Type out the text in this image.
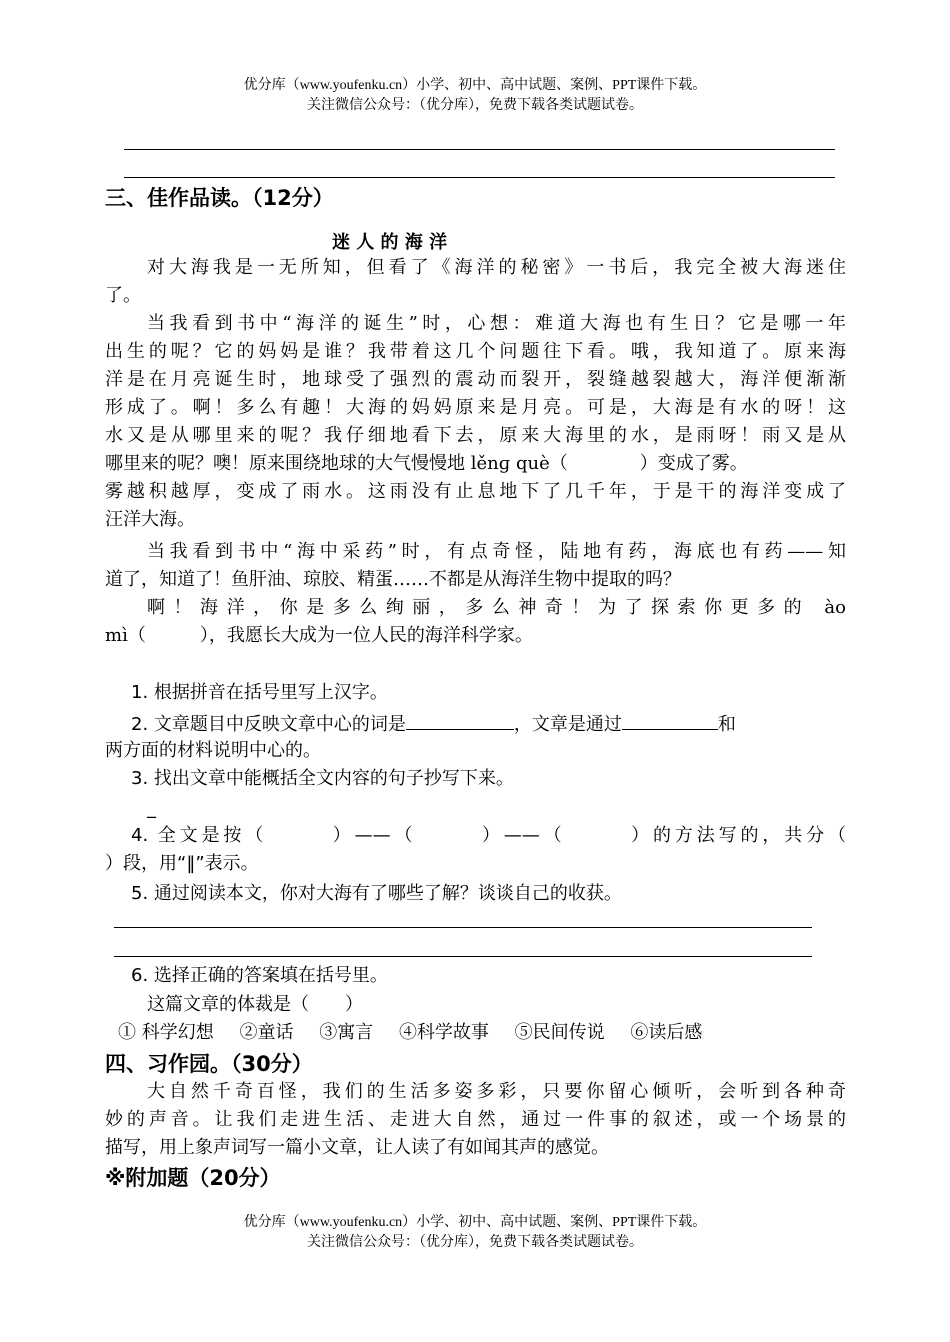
优分库（www.youfenku.cn）小学、初中、高中试题、案例、PPT课件下载。
关注微信公众号：（优分库），免费下载各类试题试卷。
三、佳作品读。（12分）
迷 人 的 海 洋
对大海我是一无所知，但看了《海洋的秘密》一书后，我完全被大海迷住
了。
当我看到书中“海洋的诞生”时，心想：难道大海也有生日？它是哪一年
出生的呢？它的妈妈是谁？我带着这几个问题往下看。哦，我知道了。原来海
洋是在月亮诞生时，地球受了强烈的震动而裂开，裂缝越裂越大，海洋便渐渐
形成了。啊！多么有趣！大海的妈妈原来是月亮。可是，大海是有水的呀！这
水又是从哪里来的呢？我仔细地看下去，原来大海里的水，是雨呀！雨又是从
哪里来的呢？噢！原来围绕地球的大气慢慢地 lěnɡ què（　　　　）变成了雾。
雾越积越厚，变成了雨水。这雨没有止息地下了几千年，于是干的海洋变成了
汪洋大海。
当我看到书中“海中采药”时，有点奇怪，陆地有药，海底也有药——知
道了，知道了！鱼肝油、琼胶、精蛋……不都是从海洋生物中提取的吗？
啊！海洋，你是多么绚丽，多么神奇！为了探索你更多的 ào
mì（　　　），我愿长大成为一位人民的海洋科学家。
1. 根据拼音在括号里写上汉字。
2. 文章题目中反映文章中心的词是	，文章是通过	和
两方面的材料说明中心的。
3. 找出文章中能概括全文内容的句子抄写下来。
_
4. 全文是按（　　　）——（　　　）——（　　　）的方法写的，共分（
）段，用“‖”表示。
5. 通过阅读本文，你对大海有了哪些了解？谈谈自己的收获。
6. 选择正确的答案填在括号里。
这篇文章的体裁是（　　）
① 科学幻想 ②童话 ③寓言 ④科学故事 ⑤民间传说 ⑥读后感
四、习作园。（30分）
大自然千奇百怪，我们的生活多姿多彩，只要你留心倾听，会听到各种奇
妙的声音。让我们走进生活、走进大自然，通过一件事的叙述，或一个场景的
描写，用上象声词写一篇小文章，让人读了有如闻其声的感觉。
※附加题（20分）
优分库（www.youfenku.cn）小学、初中、高中试题、案例、PPT课件下载。
关注微信公众号：（优分库），免费下载各类试题试卷。
